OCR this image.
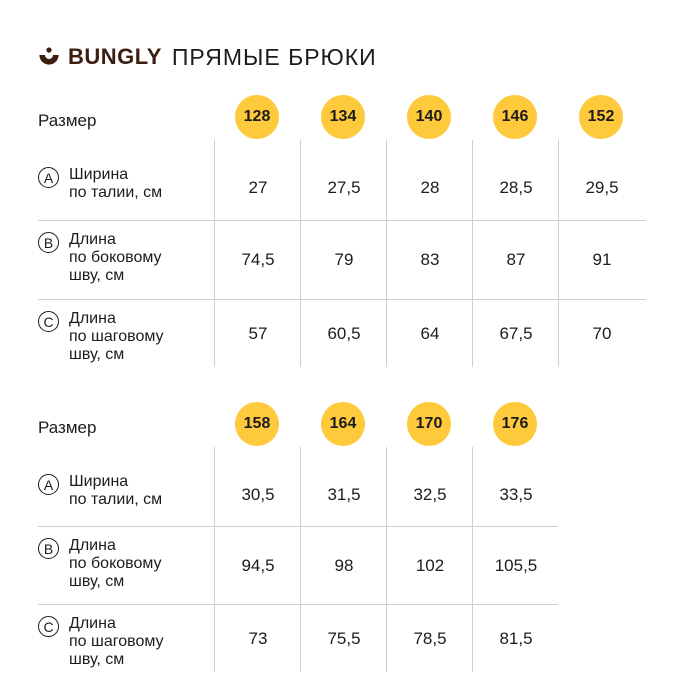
BUNGLY ПРЯМЫЕ БРЮКИ
Размер	128	134	140	146	152
A Ширина
по талии, см	27	27,5	28	28,5	29,5
B Длина
по боковому
шву, см
74,5	79	83	87	91
C Длина
по шаговому
шву, см
57	60,5	64	67,5	70
Размер	158	164	170	176
A Ширина
по талии, см	30,5	31,5	32,5	33,5
B Длина
по боковому
шву, см
94,5	98	102	105,5
C Длина
по шаговому
шву, см
73	75,5	78,5	81,5
